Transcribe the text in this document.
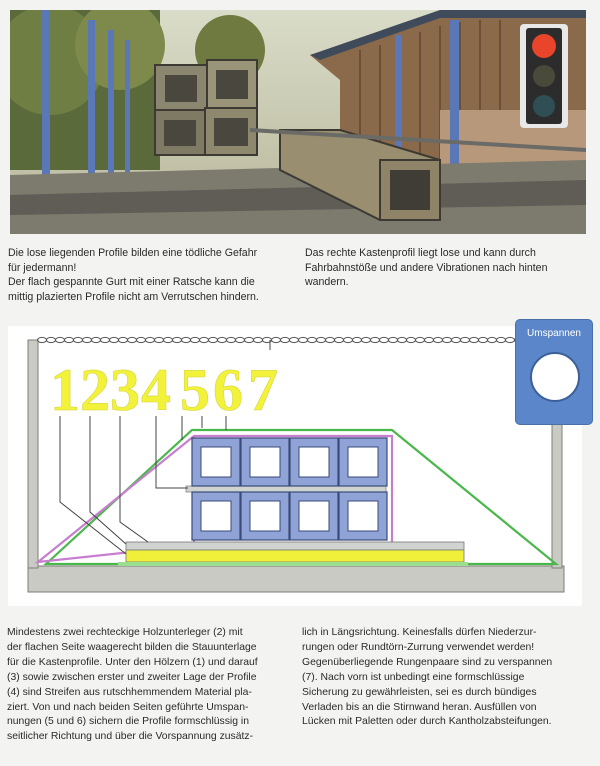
Die lose liegenden Profile bilden eine tödliche Gefahr
für jedermann!
Der flach gespannte Gurt mit einer Ratsche kann die
mittig plazierten Profile nicht am Verrutschen hindern.
Das rechte Kastenprofil liegt lose und kann durch
Fahrbahnstöße und andere Vibrationen nach hinten
wandern.
1 2 3 4 5 6 7
Umspannen
Mindestens zwei rechteckige Holzunterleger (2) mit
der flachen Seite waagerecht bilden die Stauunterlage
für die Kastenprofile. Unter den Hölzern (1) und darauf
(3) sowie zwischen erster und zweiter Lage der Profile
(4) sind Streifen aus rutschhemmendem Material pla-
ziert. Von und nach beiden Seiten geführte Umspan-
nungen (5 und 6) sichern die Profile formschlüssig in
seitlicher Richtung und über die Vorspannung zusätz-
lich in Längsrichtung. Keinesfalls dürfen Niederzur-
rungen oder Rundtörn-Zurrung verwendet werden!
Gegenüberliegende Rungenpaare sind zu verspannen
(7). Nach vorn ist unbedingt eine formschlüssige
Sicherung zu gewährleisten, sei es durch bündiges
Verladen bis an die Stirnwand heran. Ausfüllen von
Lücken mit Paletten oder durch Kantholzabsteifungen.
